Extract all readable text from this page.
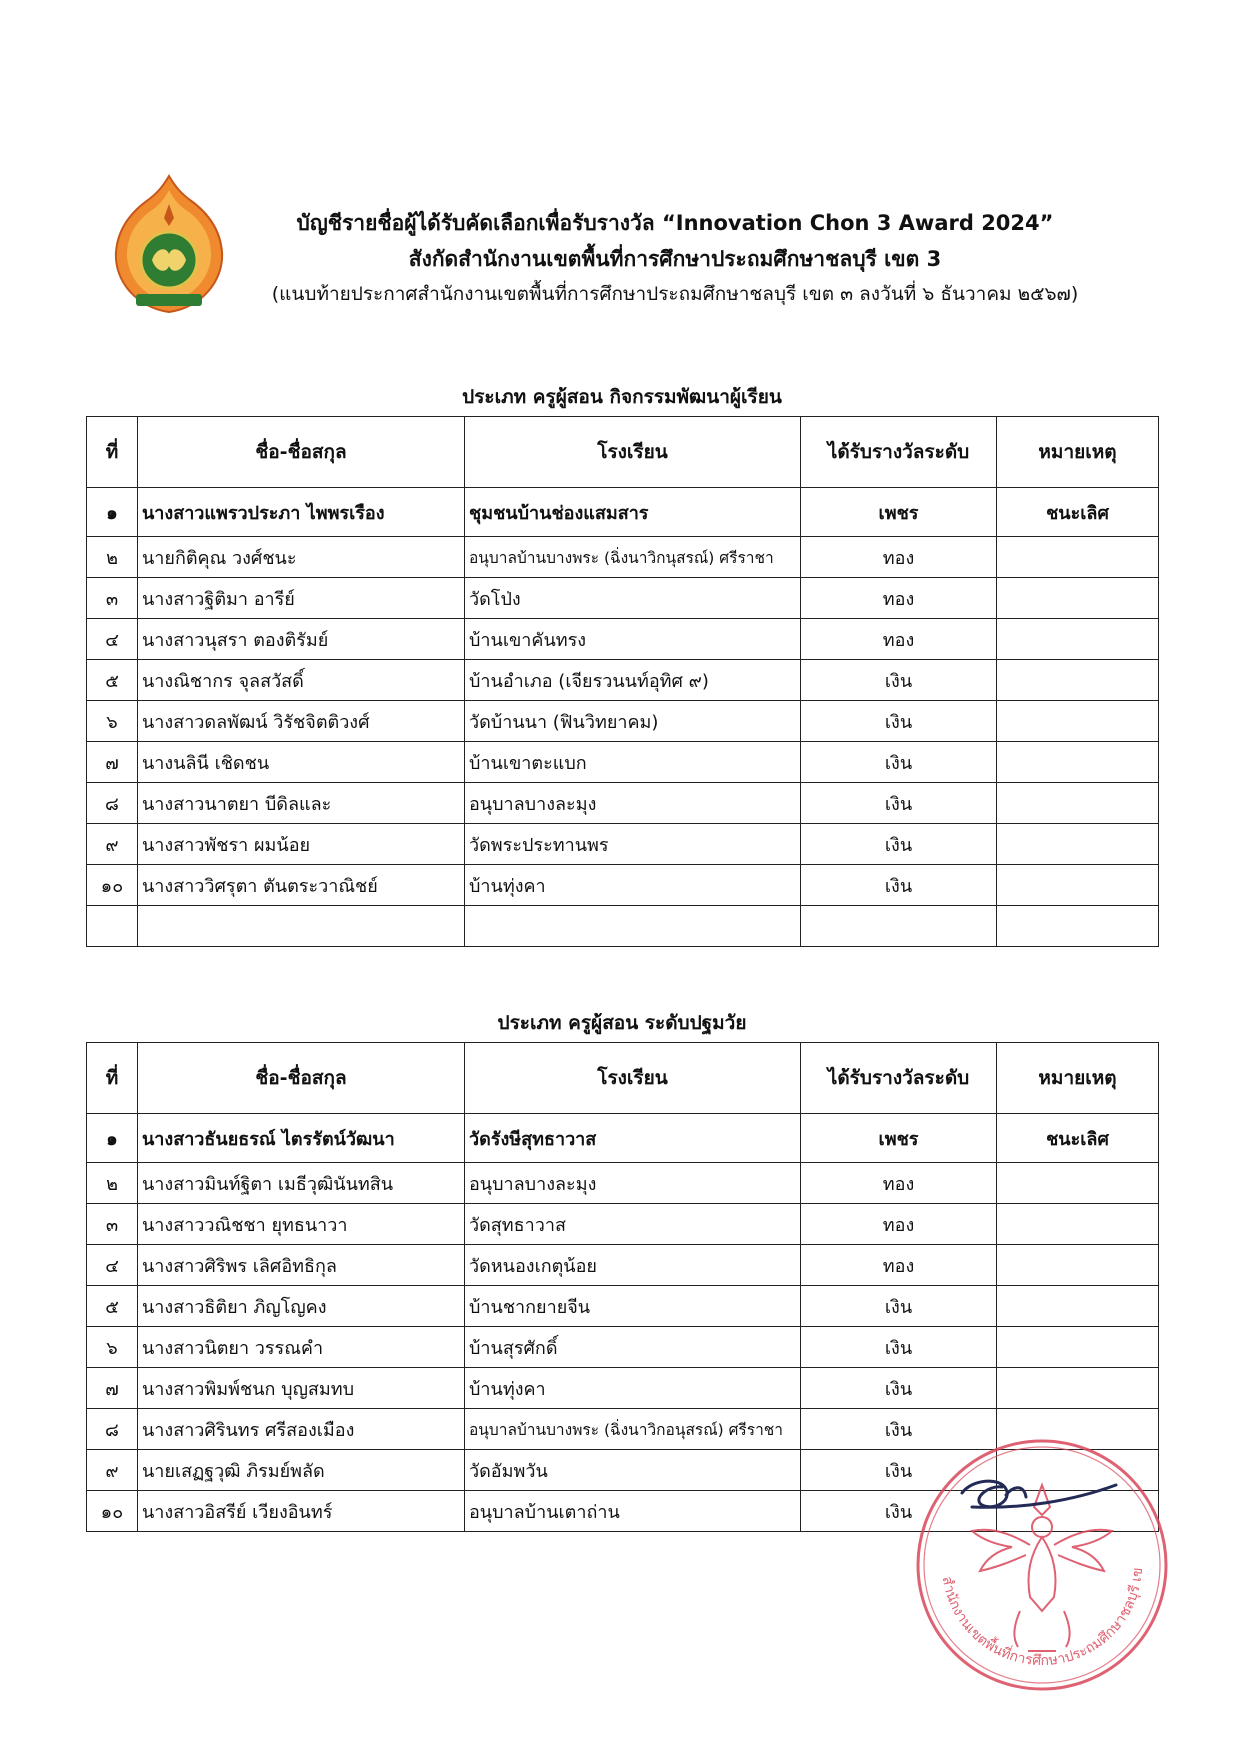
บัญชีรายชื่อผู้ได้รับคัดเลือกเพื่อรับรางวัล “Innovation Chon 3 Award 2024”
สังกัดสำนักงานเขตพื้นที่การศึกษาประถมศึกษาชลบุรี เขต 3
(แนบท้ายประกาศสำนักงานเขตพื้นที่การศึกษาประถมศึกษาชลบุรี เขต ๓ ลงวันที่ ๖ ธันวาคม ๒๕๖๗)
ประเภท ครูผู้สอน กิจกรรมพัฒนาผู้เรียน
ที่	ชื่อ-ชื่อสกุล	โรงเรียน	ได้รับรางวัลระดับ	หมายเหตุ
๑	นางสาวแพรวประภา ไพพรเรือง	ชุมชนบ้านช่องแสมสาร	เพชร	ชนะเลิศ
๒	นายกิติคุณ วงศ์ชนะ	อนุบาลบ้านบางพระ (ฉิ่งนาวิกนุสรณ์) ศรีราชา	ทอง	
๓	นางสาวฐิติมา อารีย์	วัดโป่ง	ทอง	
๔	นางสาวนุสรา ตองติรัมย์	บ้านเขาคันทรง	ทอง	
๕	นางณิชากร จุลสวัสดิ์	บ้านอำเภอ (เจียรวนนท์อุทิศ ๙)	เงิน	
๖	นางสาวดลพัฒน์ วิรัชจิตติวงศ์	วัดบ้านนา (ฟินวิทยาคม)	เงิน	
๗	นางนลินี เชิดชน	บ้านเขาตะแบก	เงิน	
๘	นางสาวนาตยา บีดิลและ	อนุบาลบางละมุง	เงิน	
๙	นางสาวพัชรา ผมน้อย	วัดพระประทานพร	เงิน	
๑๐	นางสาววิศรุตา ตันตระวาณิชย์	บ้านทุ่งคา	เงิน	

ประเภท ครูผู้สอน ระดับปฐมวัย
ที่	ชื่อ-ชื่อสกุล	โรงเรียน	ได้รับรางวัลระดับ	หมายเหตุ
๑	นางสาวธันยธรณ์ ไตรรัตน์วัฒนา	วัดรังษีสุทธาวาส	เพชร	ชนะเลิศ
๒	นางสาวมินท์ฐิตา เมธีวุฒินันทสิน	อนุบาลบางละมุง	ทอง	
๓	นางสาววณิชชา ยุทธนาวา	วัดสุทธาวาส	ทอง	
๔	นางสาวศิริพร เลิศอิทธิกุล	วัดหนองเกตุน้อย	ทอง	
๕	นางสาวธิติยา ภิญโญคง	บ้านชากยายจีน	เงิน	
๖	นางสาวนิตยา วรรณคำ	บ้านสุรศักดิ์	เงิน	
๗	นางสาวพิมพ์ชนก บุญสมทบ	บ้านทุ่งคา	เงิน	
๘	นางสาวศิรินทร ศรีสองเมือง	อนุบาลบ้านบางพระ (ฉิ่งนาวิกอนุสรณ์) ศรีราชา	เงิน	
๙	นายเสฏฐวุฒิ ภิรมย์พลัด	วัดอัมพวัน	เงิน	
๑๐	นางสาวอิสรีย์ เวียงอินทร์	อนุบาลบ้านเตาถ่าน	เงิน	
สำนักงานเขตพื้นที่การศึกษาประถมศึกษาชลบุรี เข
